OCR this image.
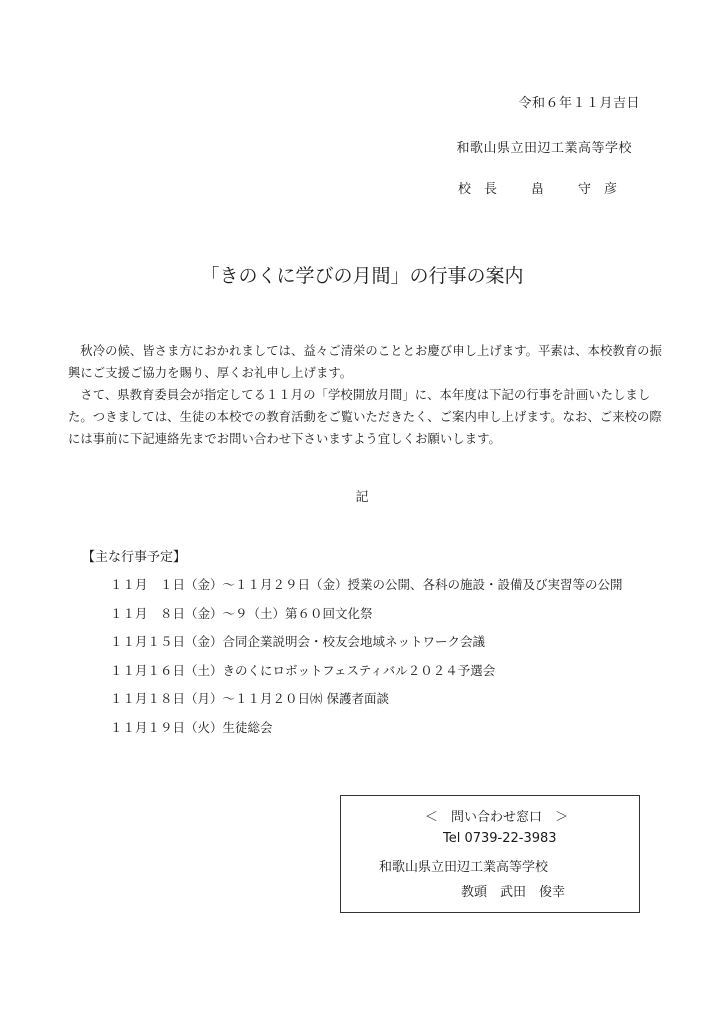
令和６年１１月吉日
和歌山県立田辺工業高等学校
校　長	畠	守　彦
「きのくに学びの月間」の行事の案内

秋冷の候、皆さま方におかれましては、益々ご清栄のこととお慶び申し上げます。平素は、本校教育の振興にご支援ご協力を賜り、厚くお礼申し上げます。

さて、県教育委員会が指定してる１１月の「学校開放月間」に、本年度は下記の行事を計画いたしました。つきましては、生徒の本校での教育活動をご覧いただきたく、ご案内申し上げます。なお、ご来校の際には事前に下記連絡先までお問い合わせ下さいますよう宜しくお願いします。

記
【主な行事予定】
１１月　１日（金）～１１月２９日（金）授業の公開、各科の施設・設備及び実習等の公開
１１月　８日（金）～９（土）第６０回文化祭
１１月１５日（金）合同企業説明会・校友会地域ネットワーク会議
１１月１６日（土）きのくにロボットフェスティバル２０２４予選会
１１月１８日（月）～１１月２０日㈬ 保護者面談
１１月１９日（火）生徒総会
＜　問い合わせ窓口　＞
Tel 0739-22-3983
和歌山県立田辺工業高等学校
教頭　武田　俊幸
